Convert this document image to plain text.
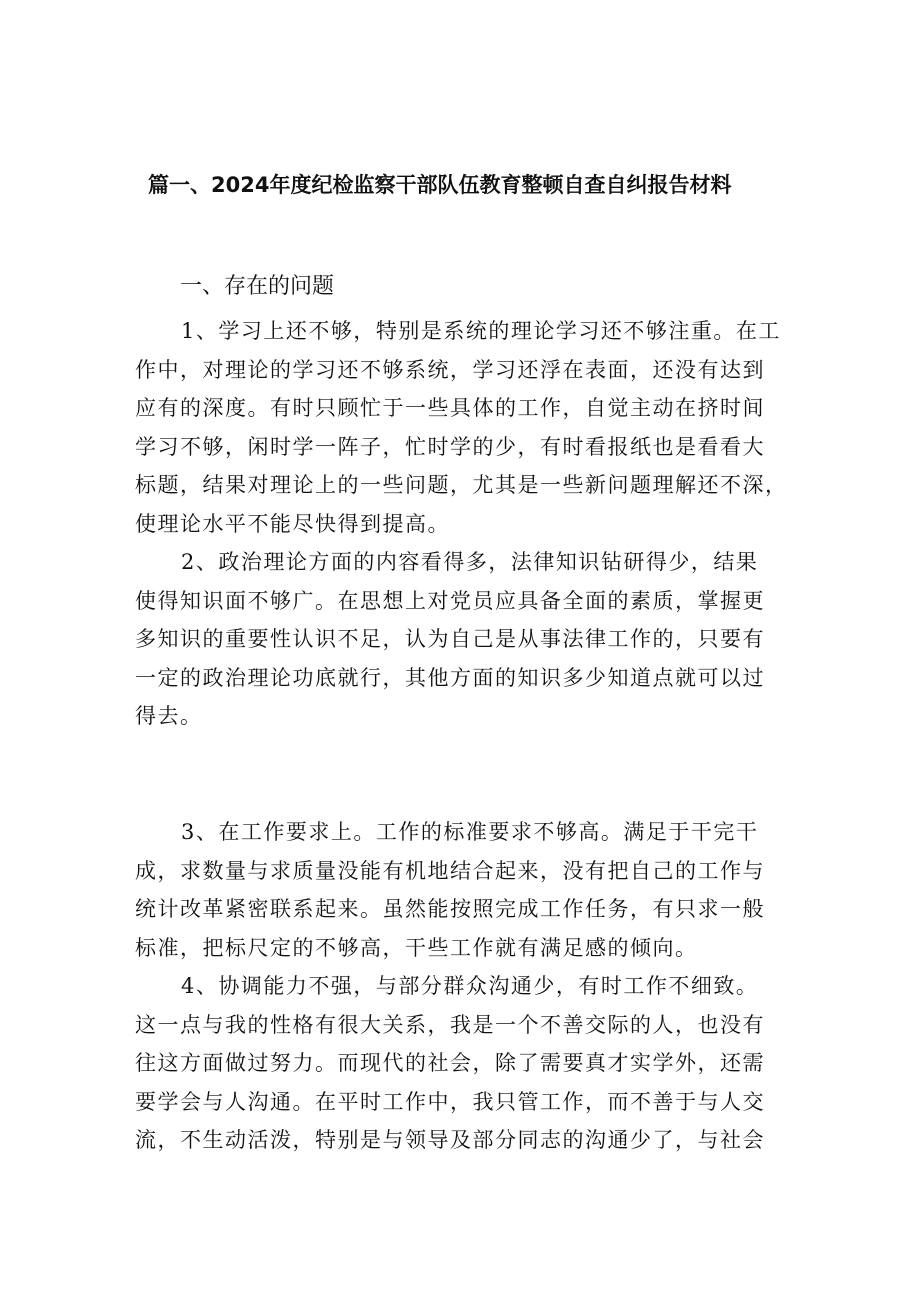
篇一、2024年度纪检监察干部队伍教育整顿自查自纠报告材料
一、存在的问题
1、学习上还不够，特别是系统的理论学习还不够注重。在工
作中，对理论的学习还不够系统，学习还浮在表面，还没有达到
应有的深度。有时只顾忙于一些具体的工作，自觉主动在挤时间
学习不够，闲时学一阵子，忙时学的少，有时看报纸也是看看大
标题，结果对理论上的一些问题，尤其是一些新问题理解还不深，
使理论水平不能尽快得到提高。
2、政治理论方面的内容看得多，法律知识钻研得少，结果
使得知识面不够广。在思想上对党员应具备全面的素质，掌握更
多知识的重要性认识不足，认为自己是从事法律工作的，只要有
一定的政治理论功底就行，其他方面的知识多少知道点就可以过
得去。
3、在工作要求上。工作的标准要求不够高。满足于干完干
成，求数量与求质量没能有机地结合起来，没有把自己的工作与
统计改革紧密联系起来。虽然能按照完成工作任务，有只求一般
标准，把标尺定的不够高，干些工作就有满足感的倾向。
4、协调能力不强，与部分群众沟通少，有时工作不细致。
这一点与我的性格有很大关系，我是一个不善交际的人，也没有
往这方面做过努力。而现代的社会，除了需要真才实学外，还需
要学会与人沟通。在平时工作中，我只管工作，而不善于与人交
流，不生动活泼，特别是与领导及部分同志的沟通少了，与社会
